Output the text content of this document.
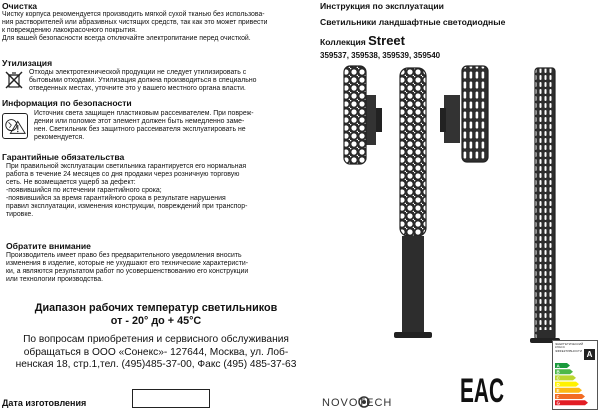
Очистка
Чистку корпуса рекомендуется производить мягкой сухой тканью без использова-
ния растворителей или абразивных чистящих средств, так как это может привести
к повреждению лакокрасочного покрытия.
Для вашей безопасности всегда отключайте электропитание перед очисткой.
Утилизация
Отходы электротехнической продукции не следует утилизировать с
бытовыми отходами. Утилизация должна производиться в специально
отведенных местах, уточните это у вашего местного органа власти.
Информация по безопасности
Источник света защищен пластиковым рассеивателем. При повреж-
дении или поломке этот элемент должен быть немедленно заме-
нен. Светильник без защитного рассеивателя эксплуатировать не
рекомендуется.
Гарантийные обязательства
При правильной эксплуатации светильника гарантируется его нормальная
работа в течение 24 месяцев со дня продажи через розничную торговую
сеть. Не возмещается ущерб за дефект:
-появившийся по истечении гарантийного срока;
-появившийся за время гарантийного срока в результате нарушения
правил эксплуатации, изменения конструкции, повреждений при транспор-
тировке.
Обратите внимание
Производитель имеет право без предварительного уведомления вносить
изменения в изделие, которые не ухудшают его технические характеристи-
ки, а являются результатом работ по усовершенствованию его конструкции
или технологии производства.
Диапазон рабочих температур светильников
от - 20° до + 45°С
По вопросам приобретения и сервисного обслуживания
обращаться в ООО «Сонекс»- 127644, Москва, ул. Лоб-
ненская 18, стр.1,тел. (495)485-37-00, Факс (495) 485-37-63
Дата изготовления
Инструкция по эксплуатации
Светильники ландшафтные светодиодные
Коллекция Street
359537, 359538, 359539, 359540
NOVOTECH EAC
ЭНЕРГЕТИЧЕСКИЙ
КЛАСС
ЭФФЕКТИВНОСТИ A
A
B
C
D
E
F
G
